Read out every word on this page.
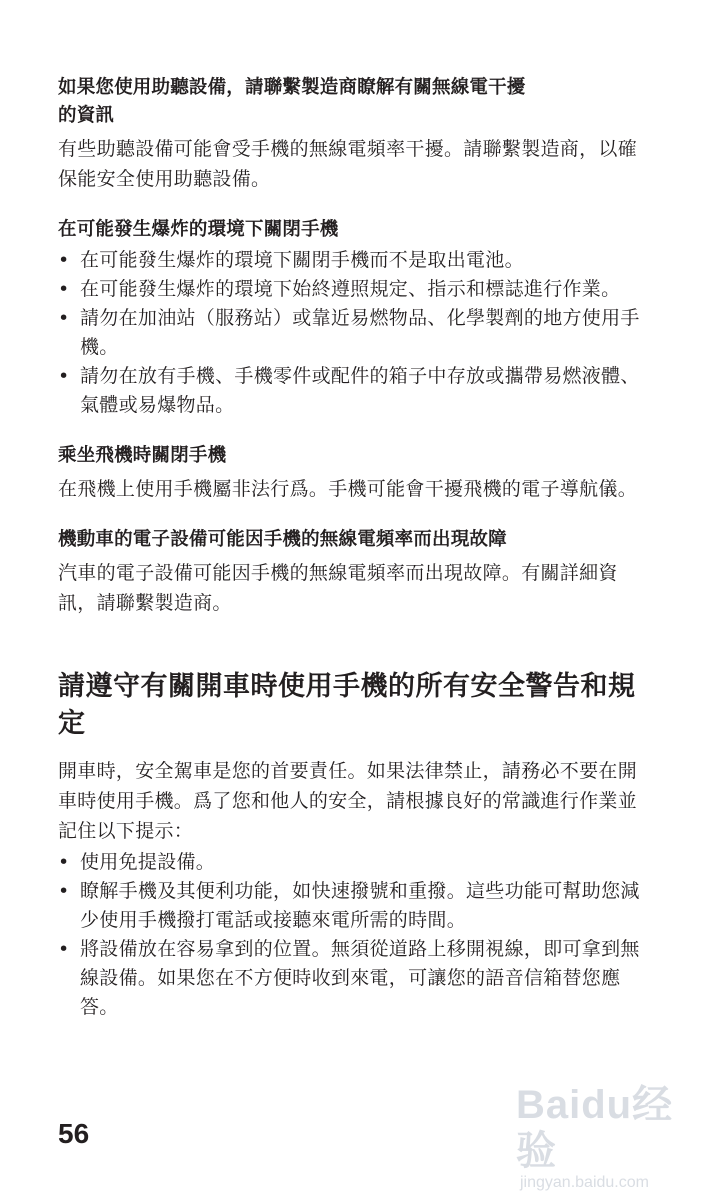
如果您使用助聽設備，請聯繫製造商瞭解有關無線電干擾
的資訊

有些助聽設備可能會受手機的無線電頻率干擾。請聯繫製造商，以確保能安全使用助聽設備。

在可能發生爆炸的環境下關閉手機
• 在可能發生爆炸的環境下關閉手機而不是取出電池。
• 在可能發生爆炸的環境下始終遵照規定、指示和標誌進行作業。
• 請勿在加油站（服務站）或靠近易燃物品、化學製劑的地方使用手機。
• 請勿在放有手機、手機零件或配件的箱子中存放或攜帶易燃液體、氣體或易爆物品。
乘坐飛機時關閉手機

在飛機上使用手機屬非法行爲。手機可能會干擾飛機的電子導航儀。

機動車的電子設備可能因手機的無線電頻率而出現故障

汽車的電子設備可能因手機的無線電頻率而出現故障。有關詳細資訊，請聯繫製造商。

請遵守有關開車時使用手機的所有安全警告和規定

開車時，安全駕車是您的首要責任。如果法律禁止，請務必不要在開車時使用手機。爲了您和他人的安全，請根據良好的常識進行作業並記住以下提示：

• 使用免提設備。
• 瞭解手機及其便利功能，如快速撥號和重撥。這些功能可幫助您減少使用手機撥打電話或接聽來電所需的時間。
• 將設備放在容易拿到的位置。無須從道路上移開視線，即可拿到無線設備。如果您在不方便時收到來電，可讓您的語音信箱替您應答。
56
Baidu经验
jingyan.baidu.com
